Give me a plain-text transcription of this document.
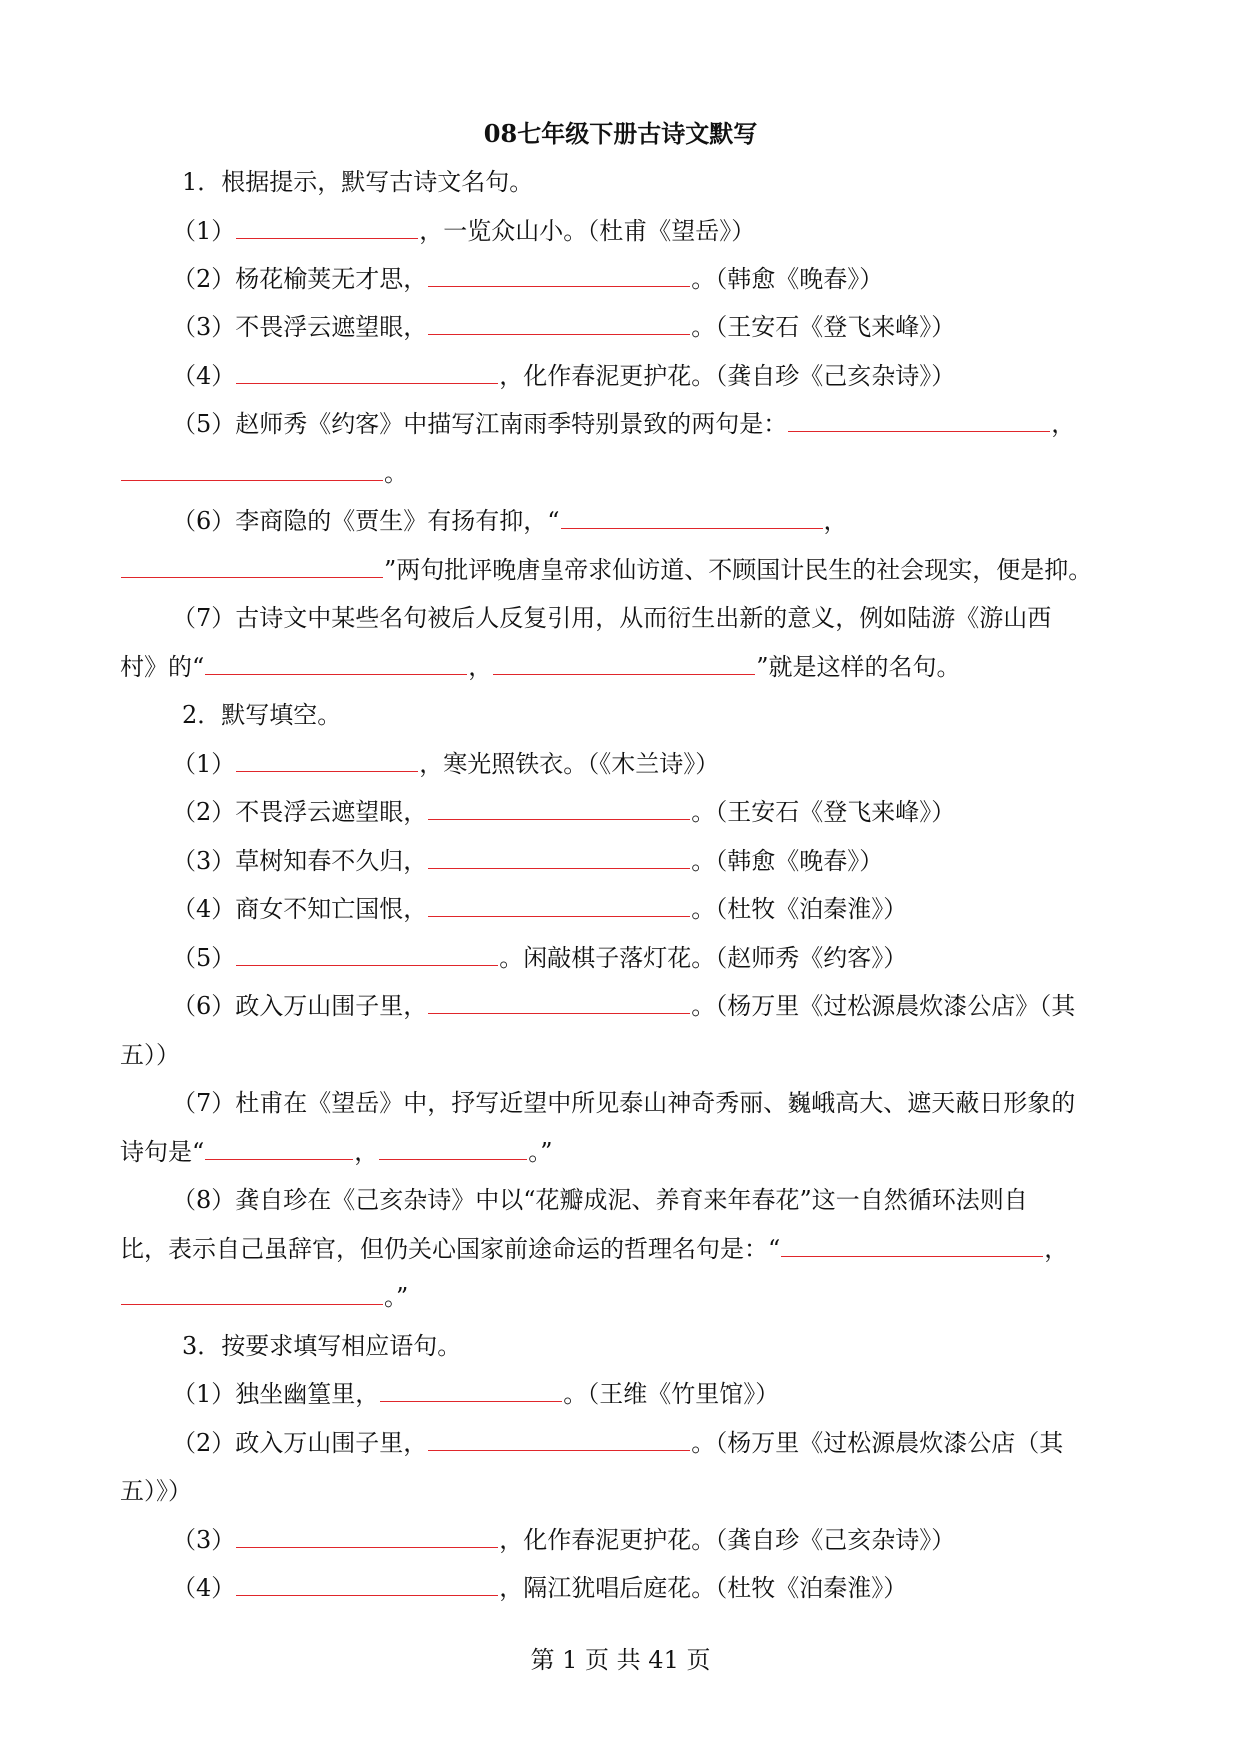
08七年级下册古诗文默写

1．根据提示，默写古诗文名句。

（1）	，一览众山小。（杜甫《望岳》）

（2）杨花榆荚无才思，	。（韩愈《晚春》）

（3）不畏浮云遮望眼，	。（王安石《登飞来峰》）

（4）	，化作春泥更护花。（龚自珍《己亥杂诗》）

（5）赵师秀《约客》中描写江南雨季特别景致的两句是：	，

。

（6）李商隐的《贾生》有扬有抑，“	，

”两句批评晚唐皇帝求仙访道、不顾国计民生的社会现实，便是抑。

（7）古诗文中某些名句被后人反复引用，从而衍生出新的意义，例如陆游《游山西

村》的“	，	”就是这样的名句。

2．默写填空。

（1）	，寒光照铁衣。（《木兰诗》）

（2）不畏浮云遮望眼，	。（王安石《登飞来峰》）

（3）草树知春不久归，	。（韩愈《晚春》）

（4）商女不知亡国恨，	。（杜牧《泊秦淮》）

（5）	。闲敲棋子落灯花。（赵师秀《约客》）

（6）政入万山围子里，	。（杨万里《过松源晨炊漆公店》（其

五））

（7）杜甫在《望岳》中，抒写近望中所见泰山神奇秀丽、巍峨高大、遮天蔽日形象的

诗句是“	，	。”

（8）龚自珍在《己亥杂诗》中以“花瓣成泥、养育来年春花”这一自然循环法则自

比，表示自己虽辞官，但仍关心国家前途命运的哲理名句是：“	，

。”

3．按要求填写相应语句。

（1）独坐幽篁里，	。（王维《竹里馆》）

（2）政入万山围子里，	。（杨万里《过松源晨炊漆公店（其

五）》）

（3）	，化作春泥更护花。（龚自珍《己亥杂诗》）

（4）	，隔江犹唱后庭花。（杜牧《泊秦淮》）

第 1 页 共 41 页
